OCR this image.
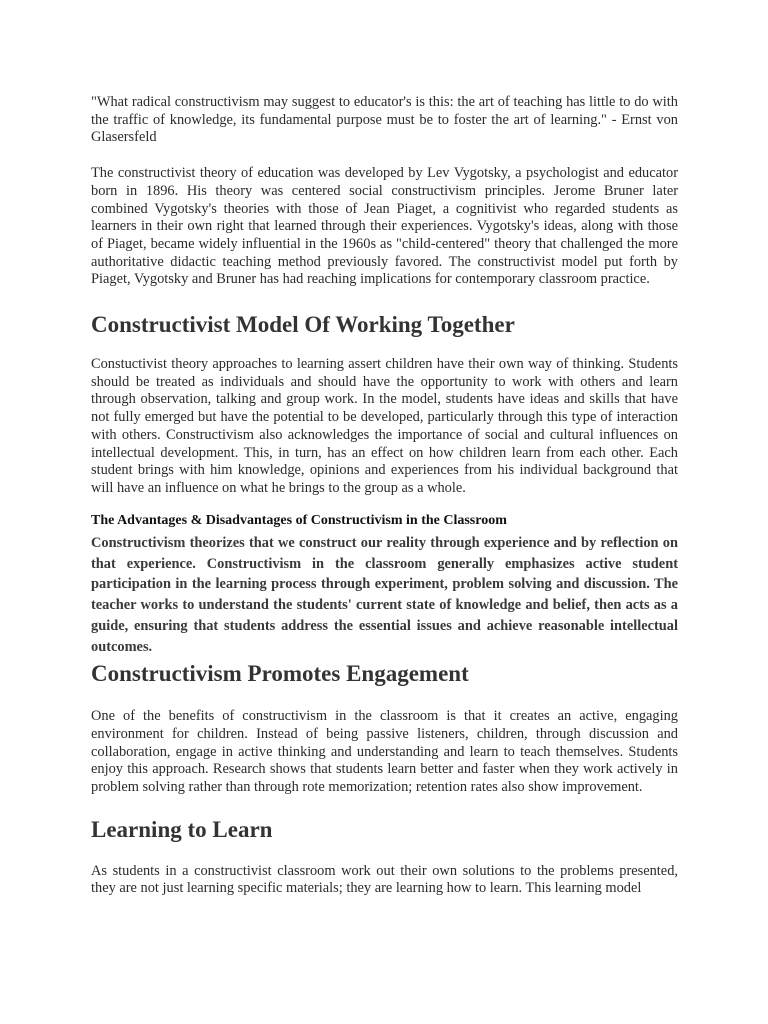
"What radical constructivism may suggest to educator's is this: the art of teaching has little to do with the traffic of knowledge, its fundamental purpose must be to foster the art of learning." - Ernst von Glasersfeld

The constructivist theory of education was developed by Lev Vygotsky, a psychologist and educator born in 1896. His theory was centered social constructivism principles. Jerome Bruner later combined Vygotsky's theories with those of Jean Piaget, a cognitivist who regarded students as learners in their own right that learned through their experiences. Vygotsky's ideas, along with those of Piaget, became widely influential in the 1960s as "child-centered" theory that challenged the more authoritative didactic teaching method previously favored. The constructivist model put forth by Piaget, Vygotsky and Bruner has had reaching implications for contemporary classroom practice.

Constructivist Model Of Working Together

Constuctivist theory approaches to learning assert children have their own way of thinking. Students should be treated as individuals and should have the opportunity to work with others and learn through observation, talking and group work. In the model, students have ideas and skills that have not fully emerged but have the potential to be developed, particularly through this type of interaction with others. Constructivism also acknowledges the importance of social and cultural influences on intellectual development. This, in turn, has an effect on how children learn from each other. Each student brings with him knowledge, opinions and experiences from his individual background that will have an influence on what he brings to the group as a whole.

The Advantages & Disadvantages of Constructivism in the Classroom

Constructivism theorizes that we construct our reality through experience and by reflection on that experience. Constructivism in the classroom generally emphasizes active student participation in the learning process through experiment, problem solving and discussion. The teacher works to understand the students' current state of knowledge and belief, then acts as a guide, ensuring that students address the essential issues and achieve reasonable intellectual outcomes.

Constructivism Promotes Engagement

One of the benefits of constructivism in the classroom is that it creates an active, engaging environment for children. Instead of being passive listeners, children, through discussion and collaboration, engage in active thinking and understanding and learn to teach themselves. Students enjoy this approach. Research shows that students learn better and faster when they work actively in problem solving rather than through rote memorization; retention rates also show improvement.

Learning to Learn

As students in a constructivist classroom work out their own solutions to the problems presented, they are not just learning specific materials; they are learning how to learn. This learning model
